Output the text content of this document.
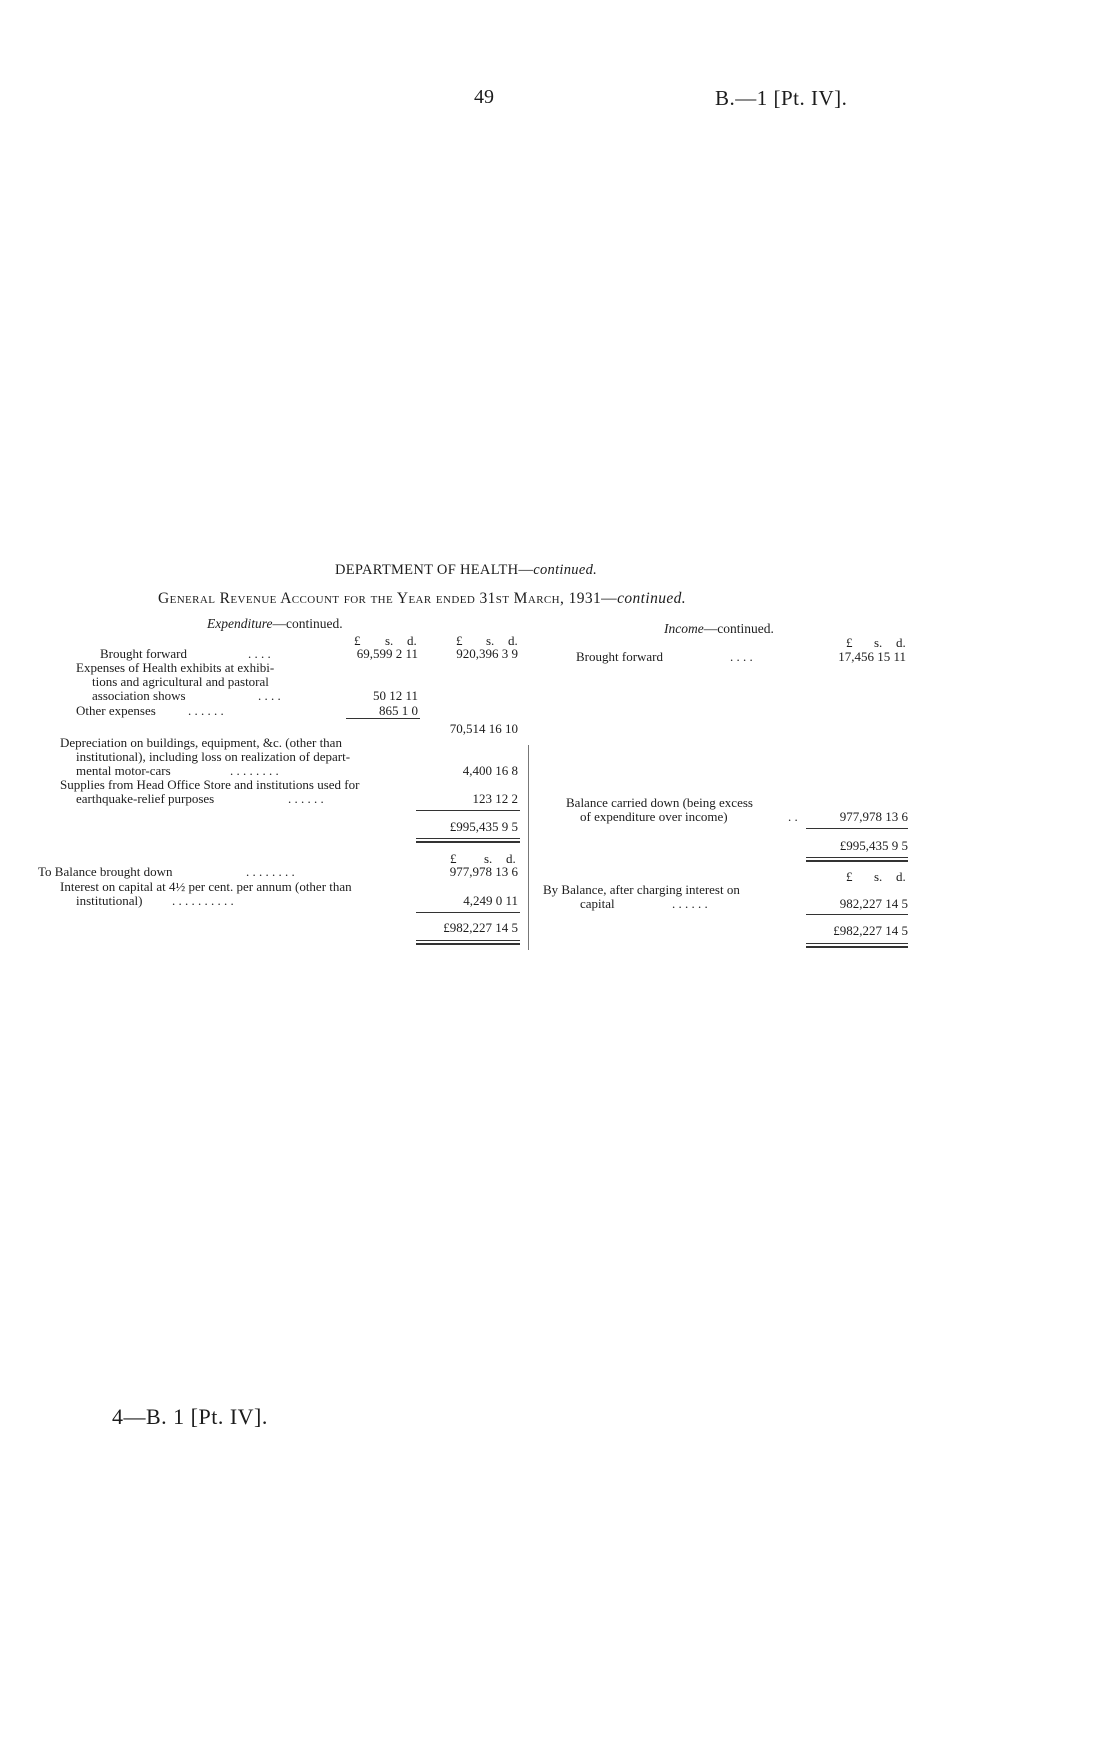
49	B.—1 [Pt. IV].
DEPARTMENT OF HEALTH—continued.
General Revenue Account for the Year ended 31st March, 1931—continued.
Expenditure—continued.	Income—continued.
£ s. d.	£ s. d.	£ s. d.
Brought forward	. . . .	69,599 2 11	920,396 3 9
Expenses of Health exhibits at exhibi-
tions and agricultural and pastoral
association shows	. . . .	50 12 11
Other expenses . . . . . .	865 1 0
70,514 16 10
Depreciation on buildings, equipment, &c. (other than
institutional), including loss on realization of depart-
mental motor-cars	. . . . . . . .	4,400 16 8
Supplies from Head Office Store and institutions used for
earthquake-relief purposes	. . . . . .	123 12 2
£995,435 9 5
£ s. d.
To Balance brought down	. . . . . . . .	977,978 13 6
Interest on capital at 4½ per cent. per annum (other than
institutional) . . . . . . . . . .	4,249 0 11
£982,227 14 5
Brought forward	. . . .	17,456 15 11
Balance carried down (being excess
of expenditure over income)	. .	977,978 13 6
£995,435 9 5
£ s. d.
By Balance, after charging interest on
capital	. . . . . .	982,227 14 5
£982,227 14 5
4—B. 1 [Pt. IV].
